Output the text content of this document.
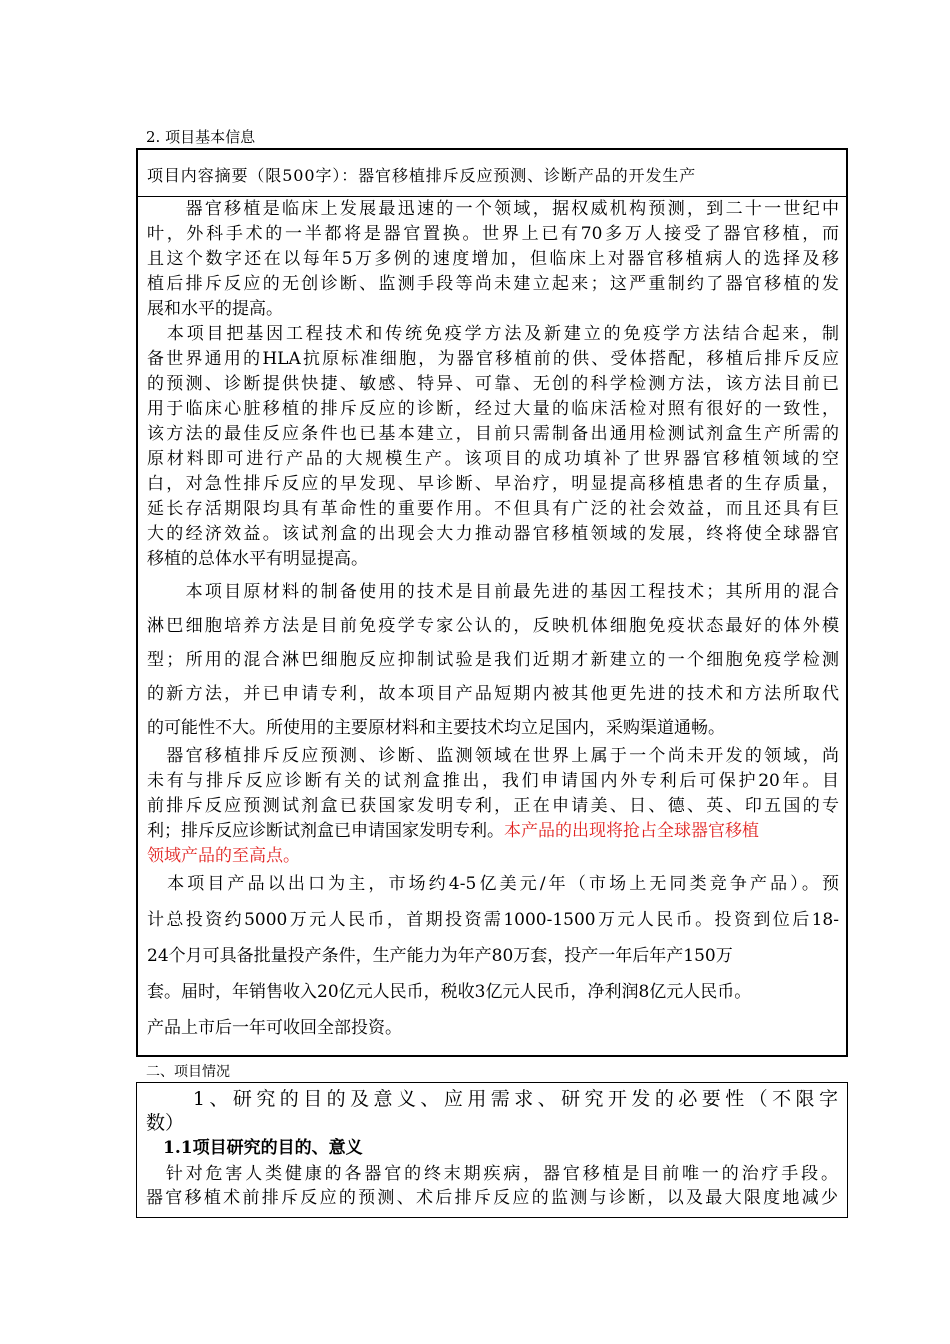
2. 项目基本信息
项目内容摘要（限500字）：器官移植排斥反应预测、诊断产品的开发生产
　　器官移植是临床上发展最迅速的一个领域，据权威机构预测，到二十一世纪中
叶，外科手术的一半都将是器官置换。世界上已有70多万人接受了器官移植，而
且这个数字还在以每年5万多例的速度增加，但临床上对器官移植病人的选择及移
植后排斥反应的无创诊断、监测手段等尚未建立起来；这严重制约了器官移植的发
展和水平的提高。
　本项目把基因工程技术和传统免疫学方法及新建立的免疫学方法结合起来，制
备世界通用的HLA抗原标准细胞，为器官移植前的供、受体搭配，移植后排斥反应
的预测、诊断提供快捷、敏感、特异、可靠、无创的科学检测方法，该方法目前已
用于临床心脏移植的排斥反应的诊断，经过大量的临床活检对照有很好的一致性，
该方法的最佳反应条件也已基本建立，目前只需制备出通用检测试剂盒生产所需的
原材料即可进行产品的大规模生产。该项目的成功填补了世界器官移植领域的空
白，对急性排斥反应的早发现、早诊断、早治疗，明显提高移植患者的生存质量，
延长存活期限均具有革命性的重要作用。不但具有广泛的社会效益，而且还具有巨
大的经济效益。该试剂盒的出现会大力推动器官移植领域的发展，终将使全球器官
移植的总体水平有明显提高。
　　本项目原材料的制备使用的技术是目前最先进的基因工程技术；其所用的混合
淋巴细胞培养方法是目前免疫学专家公认的，反映机体细胞免疫状态最好的体外模
型；所用的混合淋巴细胞反应抑制试验是我们近期才新建立的一个细胞免疫学检测
的新方法，并已申请专利，故本项目产品短期内被其他更先进的技术和方法所取代
的可能性不大。所使用的主要原材料和主要技术均立足国内，采购渠道通畅。
　器官移植排斥反应预测、诊断、监测领域在世界上属于一个尚未开发的领域，尚
未有与排斥反应诊断有关的试剂盒推出，我们申请国内外专利后可保护20年。目
前排斥反应预测试剂盒已获国家发明专利，正在申请美、日、德、英、印五国的专
利；排斥反应诊断试剂盒已申请国家发明专利。本产品的出现将抢占全球器官移植
领域产品的至高点。
　本项目产品以出口为主，市场约4-5亿美元/年（市场上无同类竞争产品）。预
计总投资约5000万元人民币，首期投资需1000-1500万元人民币。投资到位后18-
24个月可具备批量投产条件，生产能力为年产80万套，投产一年后年产150万
套。届时，年销售收入20亿元人民币，税收3亿元人民币，净利润8亿元人民币。
产品上市后一年可收回全部投资。
二、项目情况
　　1、研究的目的及意义、应用需求、研究开发的必要性（不限字
数）
　1.1项目研究的目的、意义
　针对危害人类健康的各器官的终末期疾病，器官移植是目前唯一的治疗手段。
器官移植术前排斥反应的预测、术后排斥反应的监测与诊断，以及最大限度地减少
